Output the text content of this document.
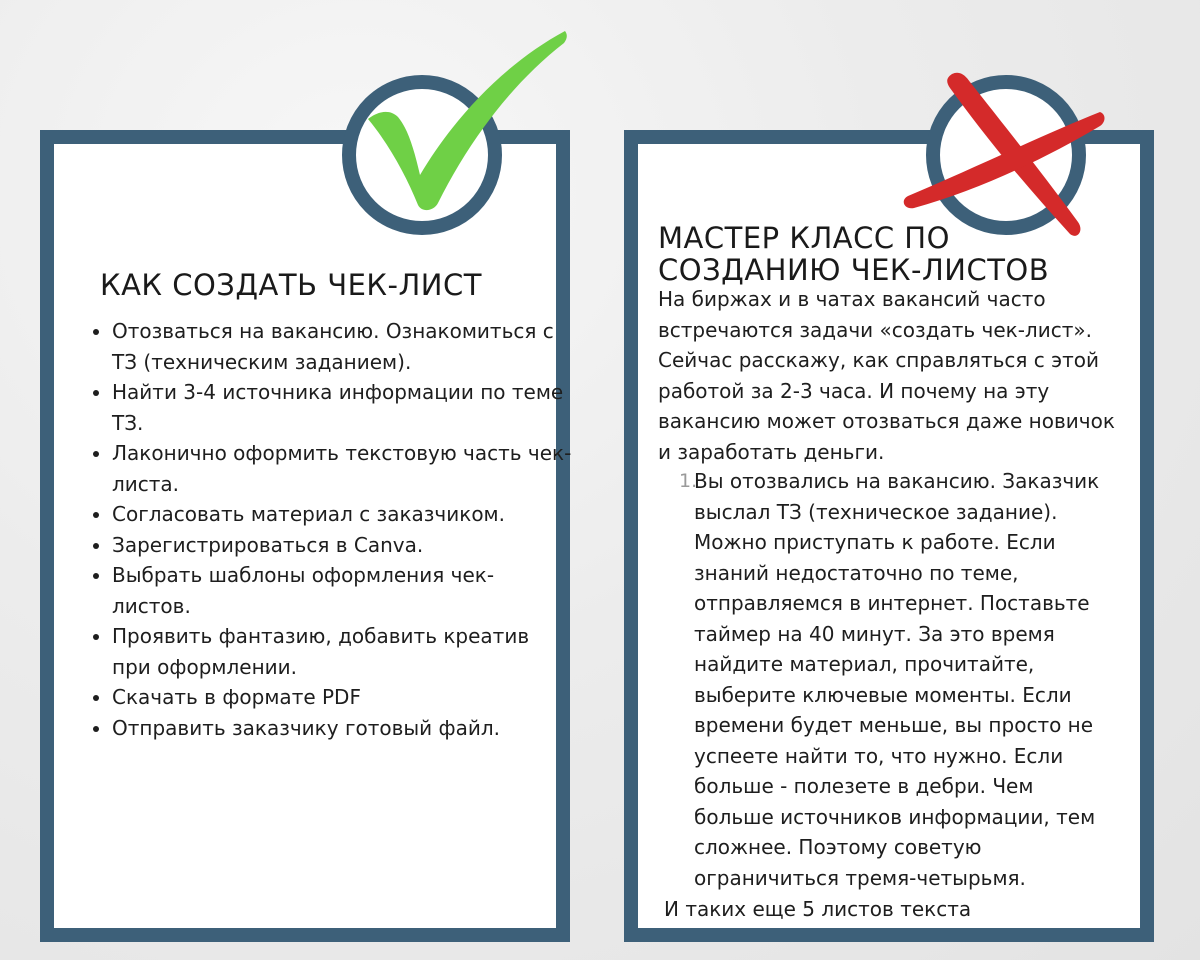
КАК СОЗДАТЬ ЧЕК-ЛИСТ
• Отозваться на вакансию. Ознакомиться с ТЗ (техническим заданием).
• Найти 3-4 источника информации по теме ТЗ.
• Лаконично оформить текстовую часть чек-листа.
• Согласовать материал с заказчиком.
• Зарегистрироваться в Canva.
• Выбрать шаблоны оформления чек-листов.
• Проявить фантазию, добавить креатив при оформлении.
• Скачать в формате PDF
• Отправить заказчику готовый файл.
МАСТЕР КЛАСС ПО
СОЗДАНИЮ ЧЕК-ЛИСТОВ

На биржах и в чатах вакансий часто встречаются задачи «создать чек-лист». Сейчас расскажу, как справляться с этой работой за 2-3 часа. И почему на эту вакансию может отозваться даже новичок и заработать деньги.

1.
Вы отозвались на вакансию. Заказчик выслал ТЗ (техническое задание). Можно приступать к работе. Если знаний недостаточно по теме, отправляемся в интернет. Поставьте таймер на 40 минут. За это время найдите материал, прочитайте, выберите ключевые моменты. Если времени будет меньше, вы просто не успеете найти то, что нужно. Если больше - полезете в дебри. Чем больше источников информации, тем сложнее. Поэтому советую ограничиться тремя-четырьмя.

И таких еще 5 листов текста
